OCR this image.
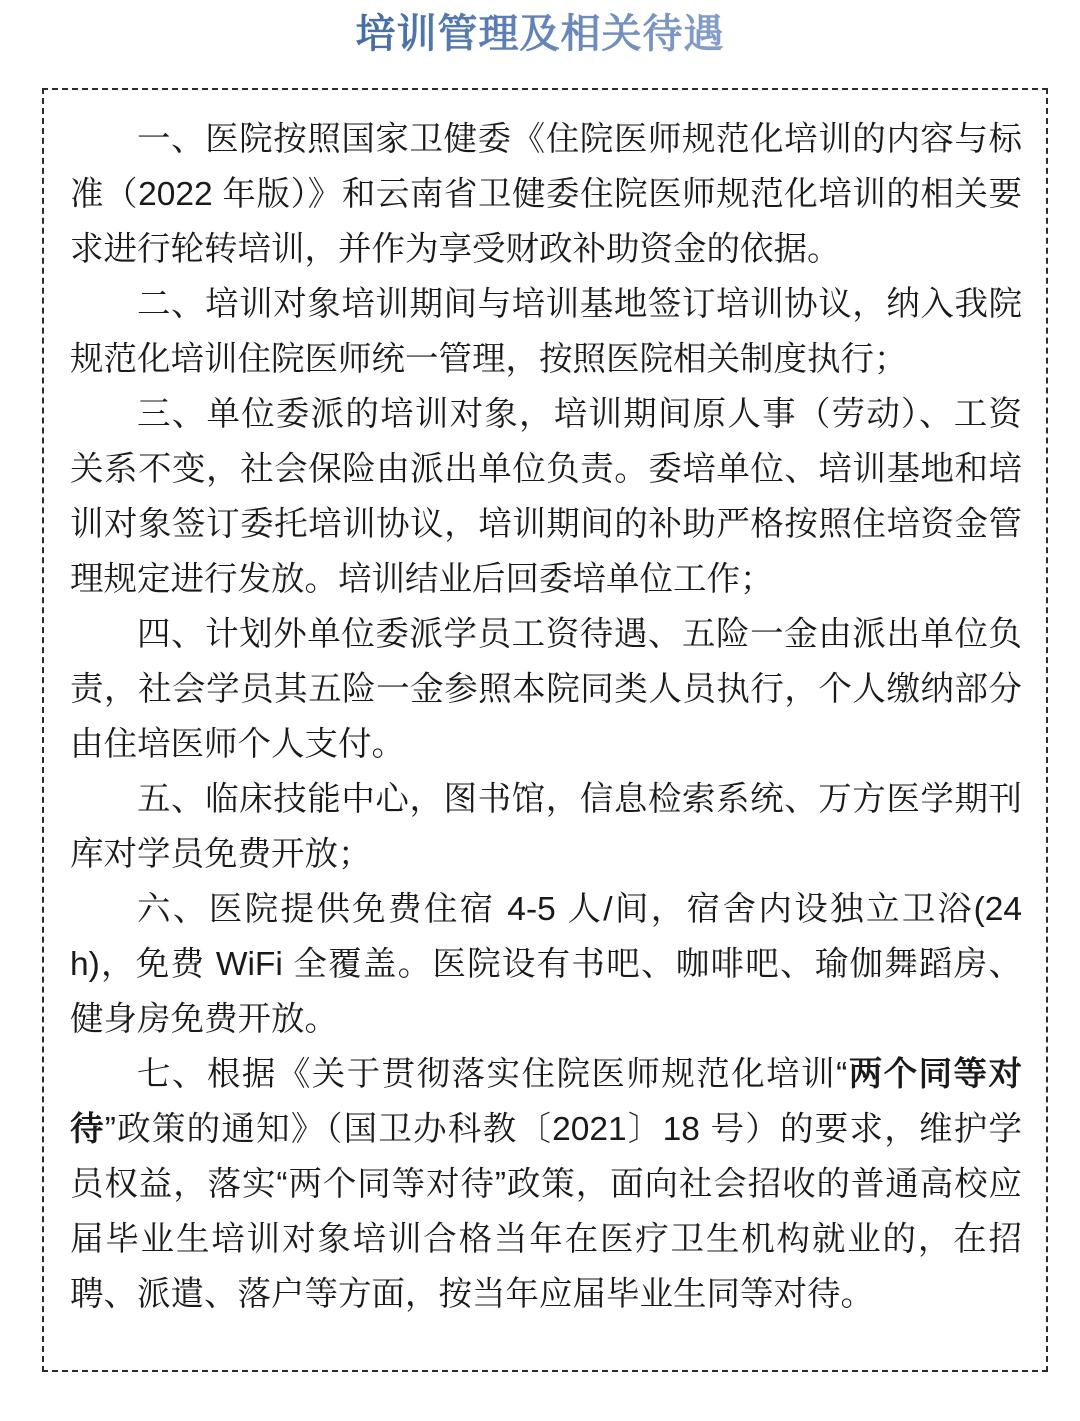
培训管理及相关待遇

一、医院按照国家卫健委《住院医师规范化培训的内容与标准（2022 年版）》和云南省卫健委住院医师规范化培训的相关要求进行轮转培训，并作为享受财政补助资金的依据。

二、培训对象培训期间与培训基地签订培训协议，纳入我院规范化培训住院医师统一管理，按照医院相关制度执行；

三、单位委派的培训对象，培训期间原人事（劳动）、工资关系不变，社会保险由派出单位负责。委培单位、培训基地和培训对象签订委托培训协议，培训期间的补助严格按照住培资金管理规定进行发放。培训结业后回委培单位工作；

四、计划外单位委派学员工资待遇、五险一金由派出单位负责，社会学员其五险一金参照本院同类人员执行，个人缴纳部分由住培医师个人支付。

五、临床技能中心，图书馆，信息检索系统、万方医学期刊库对学员免费开放；

六、医院提供免费住宿 4-5 人/间，宿舍内设独立卫浴(24h)，免费 WiFi 全覆盖。医院设有书吧、咖啡吧、瑜伽舞蹈房、健身房免费开放。

七、根据《关于贯彻落实住院医师规范化培训“两个同等对待”政策的通知》（国卫办科教〔2021〕18 号）的要求，维护学员权益，落实“两个同等对待”政策，面向社会招收的普通高校应届毕业生培训对象培训合格当年在医疗卫生机构就业的，在招聘、派遣、落户等方面，按当年应届毕业生同等对待。
